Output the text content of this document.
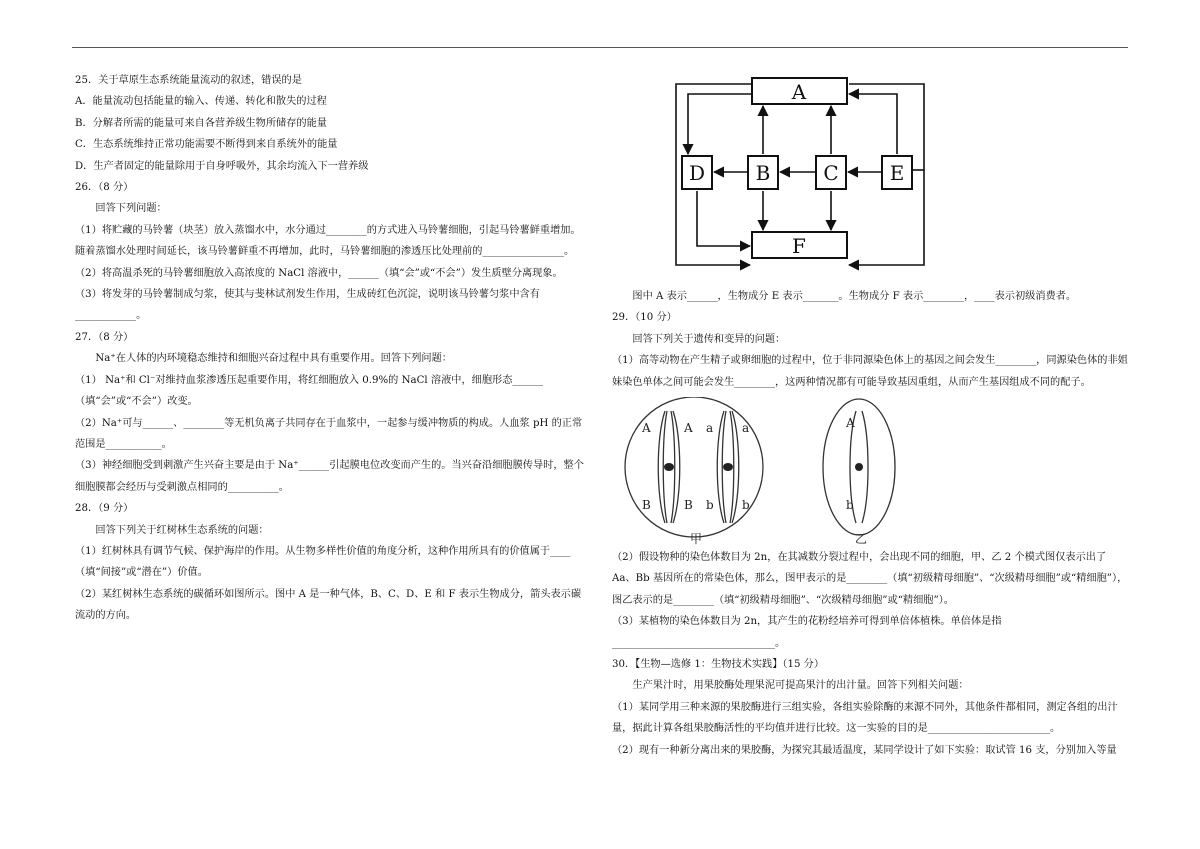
25．关于草原生态系统能量流动的叙述，错误的是

A．能量流动包括能量的输入、传递、转化和散失的过程

B．分解者所需的能量可来自各营养级生物所储存的能量

C．生态系统维持正常功能需要不断得到来自系统外的能量

D．生产者固定的能量除用于自身呼吸外，其余均流入下一营养级

26．（8 分）

回答下列问题：

（1）将贮藏的马铃薯（块茎）放入蒸馏水中，水分通过________的方式进入马铃薯细胞，引起马铃薯鲜重增加。随着蒸馏水处理时间延长，该马铃薯鲜重不再增加，此时，马铃薯细胞的渗透压比处理前的________________。

（2）将高温杀死的马铃薯细胞放入高浓度的 NaCl 溶液中，______（填“会”或“不会”）发生质壁分离现象。

（3）将发芽的马铃薯制成匀浆，使其与斐林试剂发生作用，生成砖红色沉淀，说明该马铃薯匀浆中含有____________。

27．（8 分）

Na⁺在人体的内环境稳态维持和细胞兴奋过程中具有重要作用。回答下列问题：

（1） Na⁺和 Cl⁻对维持血浆渗透压起重要作用，将红细胞放入 0.9%的 NaCl 溶液中，细胞形态______（填“会”或“不会”）改变。

（2）Na⁺可与______、________等无机负离子共同存在于血浆中，一起参与缓冲物质的构成。人血浆 pH 的正常范围是___________。

（3）神经细胞受到刺激产生兴奋主要是由于 Na⁺______引起膜电位改变而产生的。当兴奋沿细胞膜传导时，整个细胞膜都会经历与受刺激点相同的__________。

28．（9 分）

回答下列关于红树林生态系统的问题：

（1）红树林具有调节气候、保护海岸的作用。从生物多样性价值的角度分析，这种作用所具有的价值属于____（填“间接”或“潜在”）价值。

（2）某红树林生态系统的碳循环如图所示。图中 A 是一种气体，B、C、D、E 和 F 表示生物成分，箭头表示碳流动的方向。

A
D	B	C	E
F

图中 A 表示______，生物成分 E 表示_______。生物成分 F 表示________，____表示初级消费者。

29．（10 分）

回答下列关于遗传和变异的问题：

（1）高等动物在产生精子或卵细胞的过程中，位于非同源染色体上的基因之间会发生________，同源染色体的非姐妹染色单体之间可能会发生________，这两种情况都有可能导致基因重组，从而产生基因组成不同的配子。

A	A a a
B	B b b
A
b
甲	乙

（2）假设物种的染色体数目为 2n，在其减数分裂过程中，会出现不同的细胞，甲、乙 2 个模式图仅表示出了 Aa、Bb 基因所在的常染色体，那么，图甲表示的是________（填“初级精母细胞”、“次级精母细胞”或“精细胞”），图乙表示的是________（填“初级精母细胞”、“次级精母细胞”或“精细胞”）。

（3）某植物的染色体数目为 2n，其产生的花粉经培养可得到单倍体植株。单倍体是指________________________________。

30．【生物—选修 1：生物技术实践】（15 分）

生产果汁时，用果胶酶处理果泥可提高果汁的出汁量。回答下列相关问题：

（1）某同学用三种来源的果胶酶进行三组实验，各组实验除酶的来源不同外，其他条件都相同，测定各组的出汁量，据此计算各组果胶酶活性的平均值并进行比较。这一实验的目的是________________________。

（2）现有一种新分离出来的果胶酶，为探究其最适温度，某同学设计了如下实验：取试管 16 支，分别加入等量
